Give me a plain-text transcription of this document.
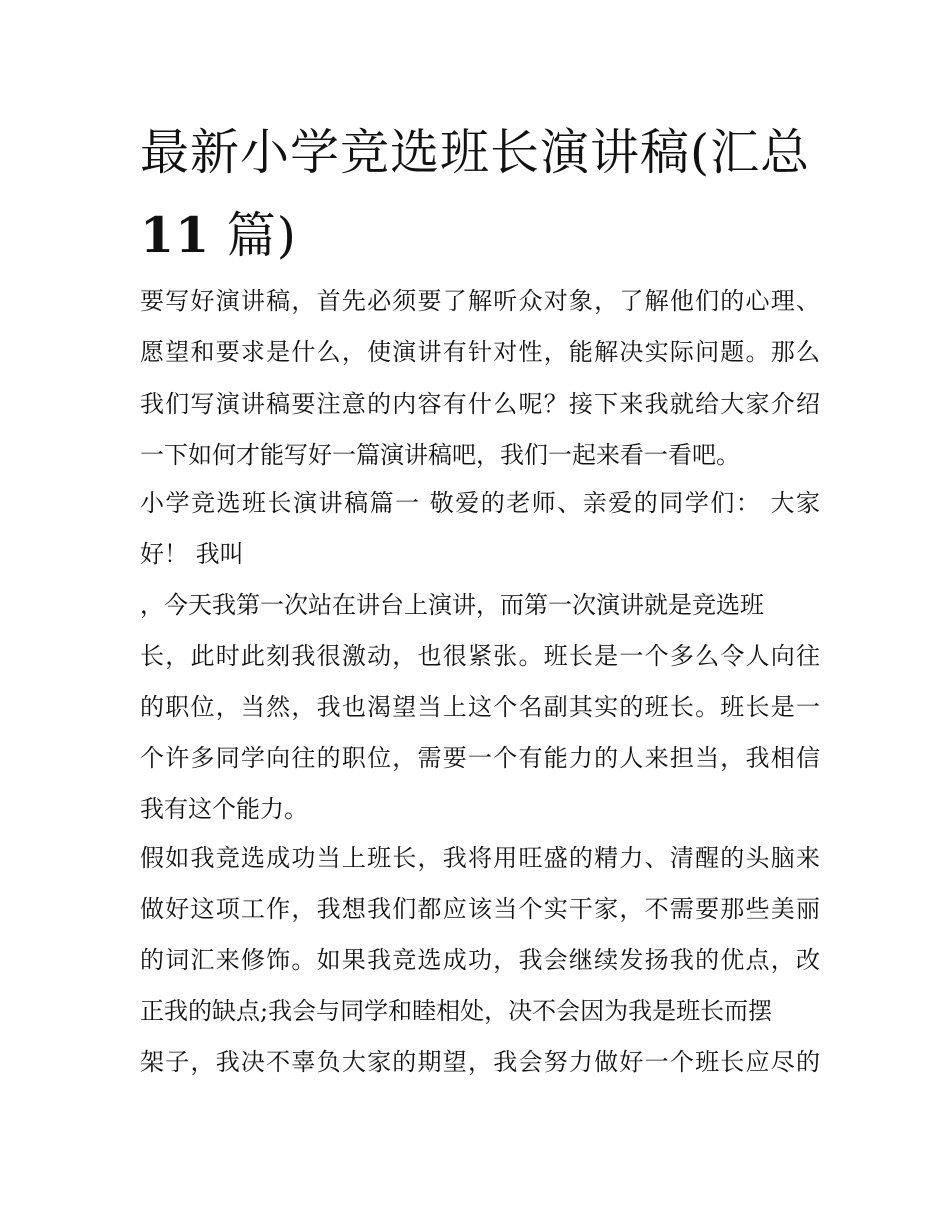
最新小学竞选班长演讲稿(汇总
11 篇)

要写好演讲稿，首先必须要了解听众对象，了解他们的心理、

愿望和要求是什么，使演讲有针对性，能解决实际问题。那么

我们写演讲稿要注意的内容有什么呢？接下来我就给大家介绍

一下如何才能写好一篇演讲稿吧，我们一起来看一看吧。

小学竞选班长演讲稿篇一 敬爱的老师、亲爱的同学们： 大家

好！ 我叫

，今天我第一次站在讲台上演讲，而第一次演讲就是竞选班

长，此时此刻我很激动，也很紧张。班长是一个多么令人向往

的职位，当然，我也渴望当上这个名副其实的班长。班长是一

个许多同学向往的职位，需要一个有能力的人来担当，我相信

我有这个能力。

假如我竞选成功当上班长，我将用旺盛的精力、清醒的头脑来

做好这项工作，我想我们都应该当个实干家，不需要那些美丽

的词汇来修饰。如果我竞选成功，我会继续发扬我的优点，改

正我的缺点;我会与同学和睦相处，决不会因为我是班长而摆

架子，我决不辜负大家的期望，我会努力做好一个班长应尽的
